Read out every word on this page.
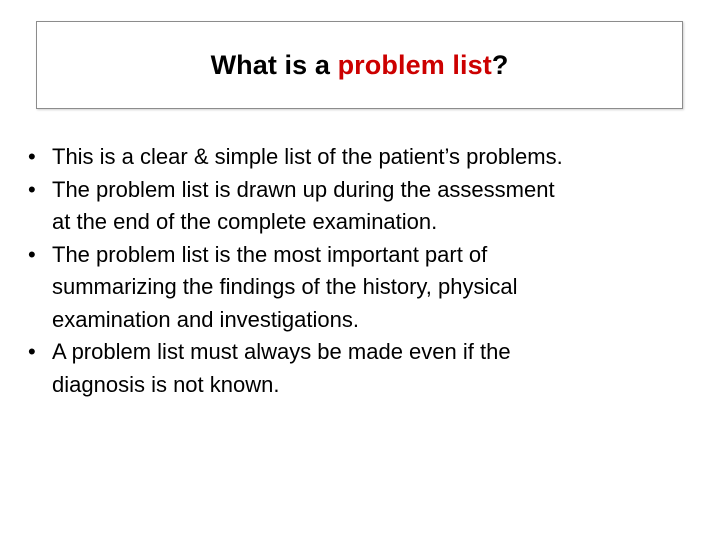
What is a problem list?
• This is a clear & simple list of the patient’s problems.
• The problem list is drawn up during the assessment
at the end of the complete examination.
• The problem list is the most important part of
summarizing the findings of the history, physical
examination and investigations.
• A problem list must always be made even if the
diagnosis is not known.
